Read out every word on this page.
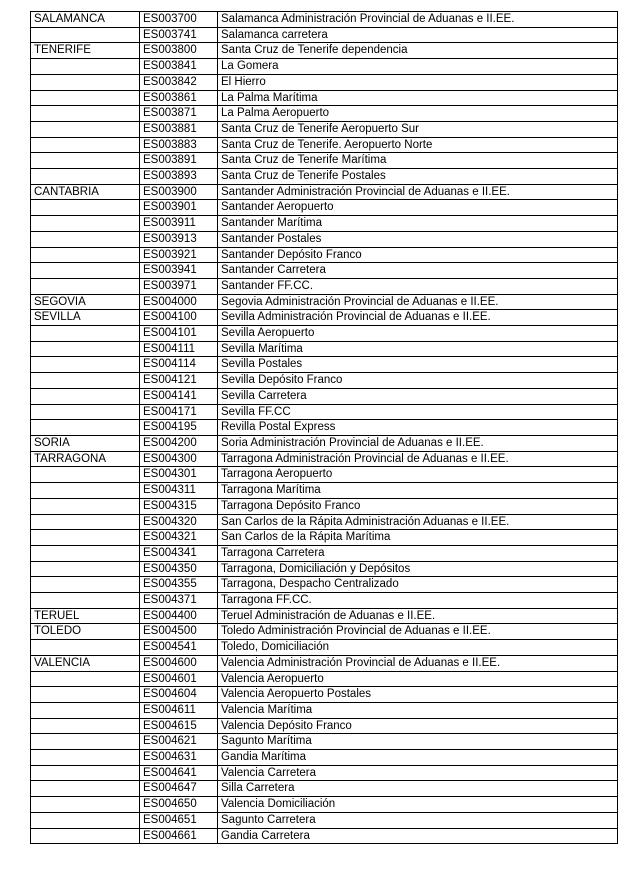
SALAMANCA	ES003700	Salamanca Administración Provincial de Aduanas e II.EE.
	ES003741	Salamanca carretera
TENERIFE	ES003800	Santa Cruz de Tenerife dependencia
	ES003841	La Gomera
	ES003842	El Hierro
	ES003861	La Palma Marítima
	ES003871	La Palma Aeropuerto
	ES003881	Santa Cruz de Tenerife Aeropuerto Sur
	ES003883	Santa Cruz de Tenerife. Aeropuerto Norte
	ES003891	Santa Cruz de Tenerife Marítima
	ES003893	Santa Cruz de Tenerife Postales
CANTABRIA	ES003900	Santander Administración Provincial de Aduanas e II.EE.
	ES003901	Santander Aeropuerto
	ES003911	Santander Marítima
	ES003913	Santander Postales
	ES003921	Santander Depósito Franco
	ES003941	Santander Carretera
	ES003971	Santander FF.CC.
SEGOVIA	ES004000	Segovia Administración Provincial de Aduanas e II.EE.
SEVILLA	ES004100	Sevilla Administración Provincial de Aduanas e II.EE.
	ES004101	Sevilla Aeropuerto
	ES004111	Sevilla Marítima
	ES004114	Sevilla Postales
	ES004121	Sevilla Depósito Franco
	ES004141	Sevilla Carretera
	ES004171	Sevilla FF.CC
	ES004195	Revilla Postal Express
SORIA	ES004200	Soria Administración Provincial de Aduanas e II.EE.
TARRAGONA	ES004300	Tarragona Administración Provincial de Aduanas e II.EE.
	ES004301	Tarragona Aeropuerto
	ES004311	Tarragona Marítima
	ES004315	Tarragona Depósito Franco
	ES004320	San Carlos de la Rápita Administración Aduanas e II.EE.
	ES004321	San Carlos de la Rápita Marítima
	ES004341	Tarragona Carretera
	ES004350	Tarragona, Domiciliación y Depósitos
	ES004355	Tarragona, Despacho Centralizado
	ES004371	Tarragona FF.CC.
TERUEL	ES004400	Teruel Administración de Aduanas e II.EE.
TOLEDO	ES004500	Toledo Administración Provincial de Aduanas e II.EE.
	ES004541	Toledo, Domiciliación
VALENCIA	ES004600	Valencia Administración Provincial de Aduanas e II.EE.
	ES004601	Valencia Aeropuerto
	ES004604	Valencia Aeropuerto Postales
	ES004611	Valencia Marítima
	ES004615	Valencia Depósito Franco
	ES004621	Sagunto Marítima
	ES004631	Gandia Marítima
	ES004641	Valencia Carretera
	ES004647	Silla Carretera
	ES004650	Valencia Domiciliación
	ES004651	Sagunto Carretera
	ES004661	Gandia Carretera
